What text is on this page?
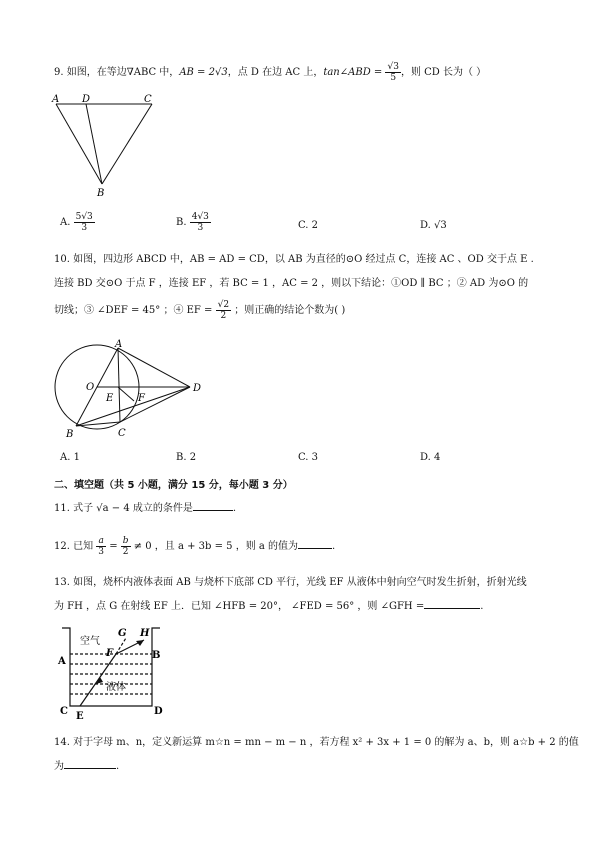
9. 如图，在等边∇ABC 中，AB = 2√3，点 D 在边 AC 上，tan∠ABD = $\frac{√3}{5}$ ，则 CD 长为（ ）
A D	C
B
A. $\frac{5√3}{3}$	B. $\frac{4√3}{3}$	C. 2	D. √3
10. 如图，四边形 ABCD 中，AB = AD = CD，以 AB 为直径的⊙O 经过点 C，连接 AC 、OD 交于点 E .
连接 BD 交⊙O 于点 F ，连接 EF ，若 BC = 1 ，AC = 2 ，则以下结论：①OD ∥ BC ；② AD 为⊙O 的
切线；③ ∠DEF = 45° ；④ EF = $\frac{√2}{2}$ ；则正确的结论个数为( )
A
O
E F
D
B	C
A. 1	B. 2	C. 3	D. 4
二、填空题（共 5 小题，满分 15 分，每小题 3 分）
11. 式子 √a − 4 成立的条件是	.
12. 已知 $\frac{a}{3} = \frac{b}{2} \ne 0$ ，且 a + 3b = 5 ，则 a 的值为	.
13. 如图，烧杯内液体表面 AB 与烧杯下底部 CD 平行，光线 EF 从液体中射向空气时发生折射，折射光线
为 FH ，点 G 在射线 EF 上．已知 ∠HFB = 20°， ∠FED = 56° ，则 ∠GFH =	.
空气
液体
A
B
C	D
E
F
G H
14. 对于字母 m、n，定义新运算 m☆n = mn − m − n ，若方程 x² + 3x + 1 = 0 的解为 a、b，则 a☆b + 2 的值
为	.
